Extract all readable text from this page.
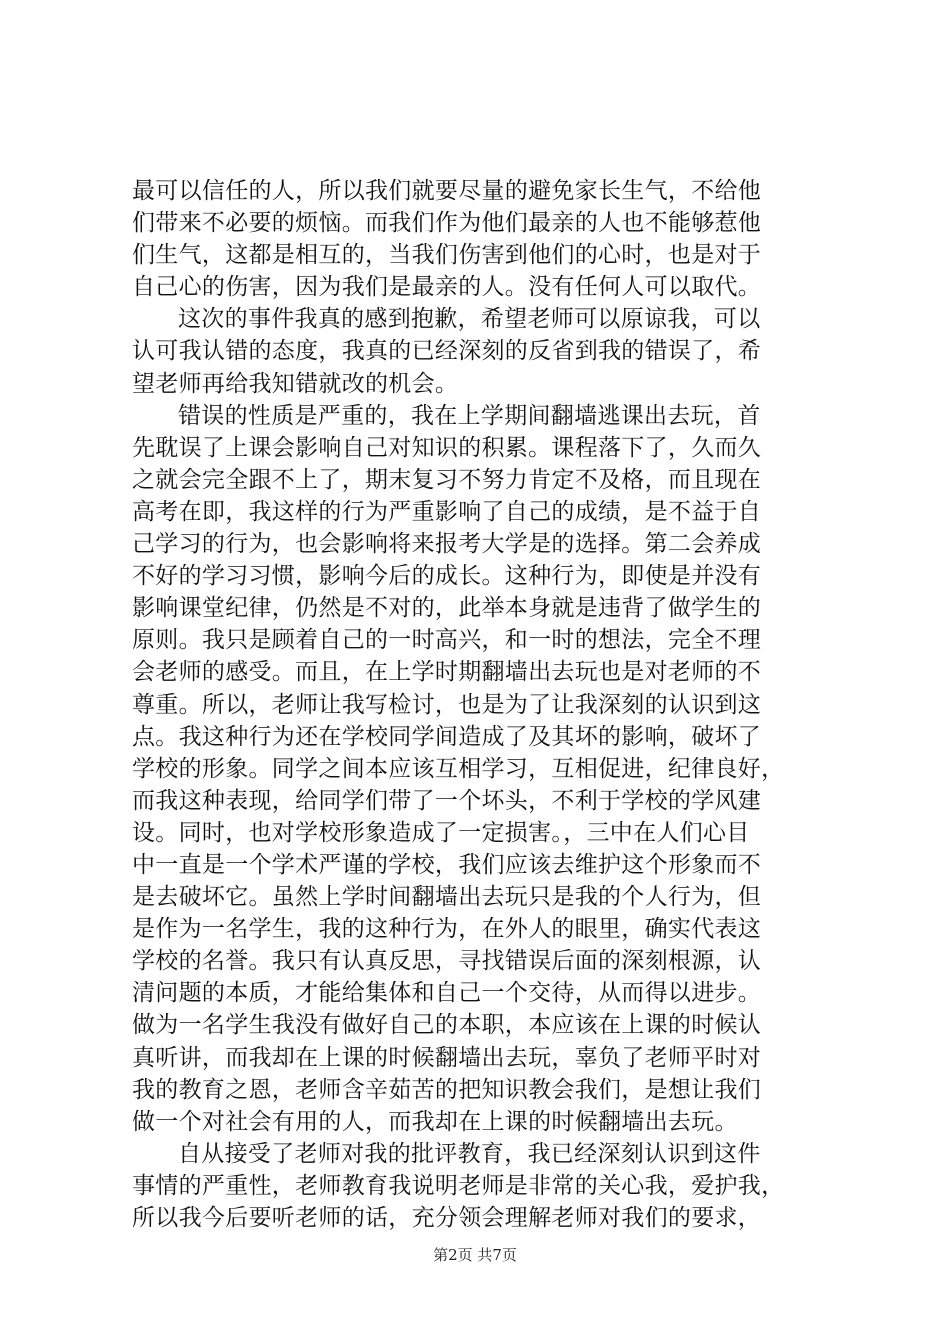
最可以信任的人，所以我们就要尽量的避免家长生气，不给他
们带来不必要的烦恼。而我们作为他们最亲的人也不能够惹他
们生气，这都是相互的，当我们伤害到他们的心时，也是对于
自己心的伤害，因为我们是最亲的人。没有任何人可以取代。
这次的事件我真的感到抱歉，希望老师可以原谅我，可以
认可我认错的态度，我真的已经深刻的反省到我的错误了，希
望老师再给我知错就改的机会。
错误的性质是严重的，我在上学期间翻墙逃课出去玩，首
先耽误了上课会影响自己对知识的积累。课程落下了，久而久
之就会完全跟不上了，期末复习不努力肯定不及格，而且现在
高考在即，我这样的行为严重影响了自己的成绩，是不益于自
己学习的行为，也会影响将来报考大学是的选择。第二会养成
不好的学习习惯，影响今后的成长。这种行为，即使是并没有
影响课堂纪律，仍然是不对的，此举本身就是违背了做学生的
原则。我只是顾着自己的一时高兴，和一时的想法，完全不理
会老师的感受。而且，在上学时期翻墙出去玩也是对老师的不
尊重。所以，老师让我写检讨，也是为了让我深刻的认识到这
点。我这种行为还在学校同学间造成了及其坏的影响，破坏了
学校的形象。同学之间本应该互相学习，互相促进，纪律良好，
而我这种表现，给同学们带了一个坏头，不利于学校的学风建
设。同时，也对学校形象造成了一定损害。，三中在人们心目
中一直是一个学术严谨的学校，我们应该去维护这个形象而不
是去破坏它。虽然上学时间翻墙出去玩只是我的个人行为，但
是作为一名学生，我的这种行为，在外人的眼里，确实代表这
学校的名誉。我只有认真反思，寻找错误后面的深刻根源，认
清问题的本质，才能给集体和自己一个交待，从而得以进步。
做为一名学生我没有做好自己的本职，本应该在上课的时候认
真听讲，而我却在上课的时候翻墙出去玩，辜负了老师平时对
我的教育之恩，老师含辛茹苦的把知识教会我们，是想让我们
做一个对社会有用的人，而我却在上课的时候翻墙出去玩。
自从接受了老师对我的批评教育，我已经深刻认识到这件
事情的严重性，老师教育我说明老师是非常的关心我，爱护我，
所以我今后要听老师的话，充分领会理解老师对我们的要求，
第2页 共7页
